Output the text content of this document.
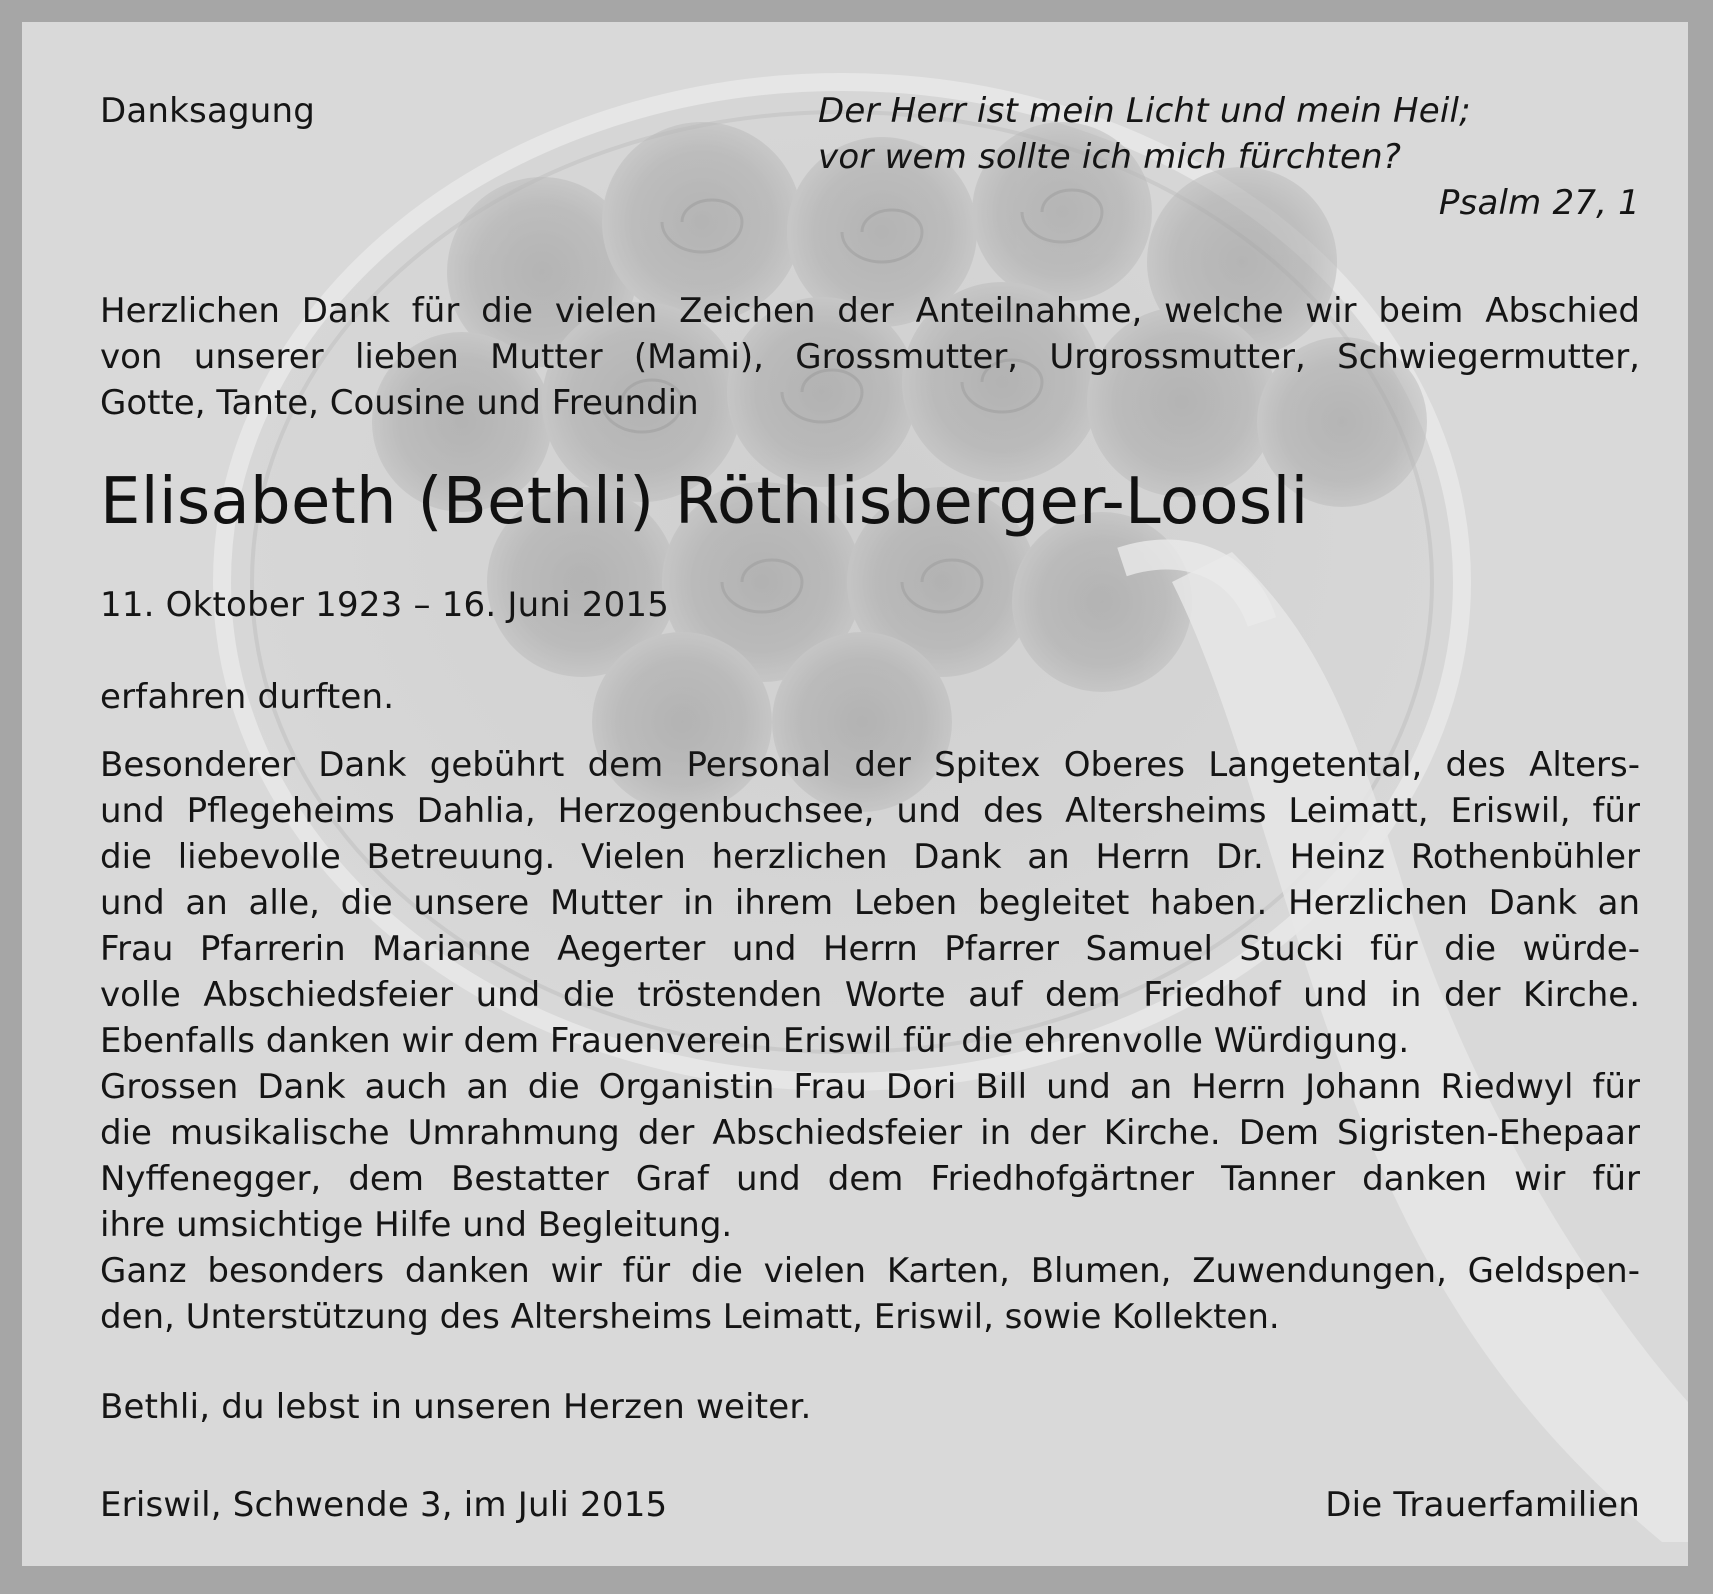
Danksagung	Der Herr ist mein Licht und mein Heil;
vor wem sollte ich mich fürchten?
Psalm 27, 1
Herzlichen Dank für die vielen Zeichen der Anteilnahme, welche wir beim Abschied
von unserer lieben Mutter (Mami), Grossmutter, Urgrossmutter, Schwiegermutter,
Gotte, Tante, Cousine und Freundin
Elisabeth (Bethli) Röthlisberger-Loosli
11. Oktober 1923 – 16. Juni 2015
erfahren durften.
Besonderer Dank gebührt dem Personal der Spitex Oberes Langetental, des Alters-
und Pflegeheims Dahlia, Herzogenbuchsee, und des Altersheims Leimatt, Eriswil, für
die liebevolle Betreuung. Vielen herzlichen Dank an Herrn Dr. Heinz Rothenbühler
und an alle, die unsere Mutter in ihrem Leben begleitet haben. Herzlichen Dank an
Frau Pfarrerin Marianne Aegerter und Herrn Pfarrer Samuel Stucki für die würde-
volle Abschiedsfeier und die tröstenden Worte auf dem Friedhof und in der Kirche.
Ebenfalls danken wir dem Frauenverein Eriswil für die ehrenvolle Würdigung.
Grossen Dank auch an die Organistin Frau Dori Bill und an Herrn Johann Riedwyl für
die musikalische Umrahmung der Abschiedsfeier in der Kirche. Dem Sigristen-Ehepaar
Nyffenegger, dem Bestatter Graf und dem Friedhofgärtner Tanner danken wir für
ihre umsichtige Hilfe und Begleitung.
Ganz besonders danken wir für die vielen Karten, Blumen, Zuwendungen, Geldspen-
den, Unterstützung des Altersheims Leimatt, Eriswil, sowie Kollekten.
Bethli, du lebst in unseren Herzen weiter.
Eriswil, Schwende 3, im Juli 2015	Die Trauerfamilien
